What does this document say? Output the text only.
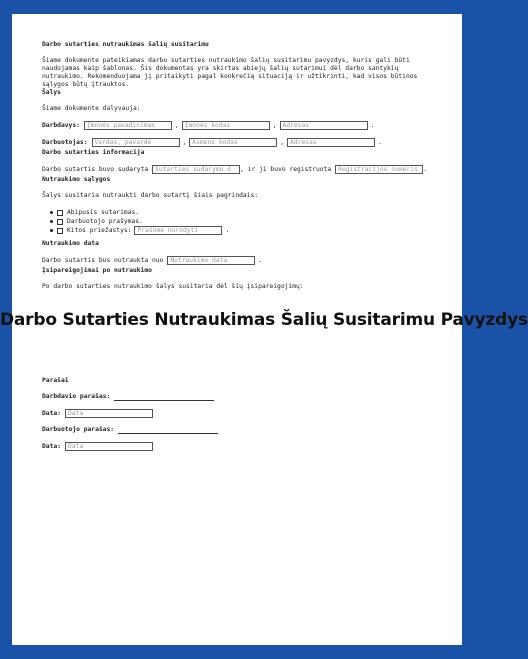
Darbo sutarties nutraukimas šalių susitarimu

Šiame dokumente pateikiamas darbo sutarties nutraukimo šalių susitarimu pavyzdys, kuris gali būti naudojamas kaip šablonas. Šis dokumentas yra skirtas abiejų šalių sutarimui dėl darbo santykių nutraukimo. Rekomenduojama jį pritaikyti pagal konkrečią situaciją ir užtikrinti, kad visos būtinos sąlygos būtų įtrauktos.

Šalys

Šiame dokumente dalyvauja:

Darbdavys:	Įmonės pavadinimas	, Įmonės kodas	, Adresas	.
Darbuotojas:	Vardas, pavardė	, Asmens kodas	, Adresas	.

Darbo sutarties informacija

Darbo sutartis buvo sudaryta	Sutarties sudarymo d	, ir ji buvo registruota	Registracijos numeris .

Nutraukimo sąlygos

Šalys susitaria nutraukti darbo sutartį šiais pagrindais:

Abipusis sutarimas.
Darbuotojo prašymas.
Kitos priežastys: Prašome nurodyti	.

Nutraukimo data

Darbo sutartis bus nutraukta nuo	Nutraukimo data	.

Įsipareigojimai po nutraukimo

Po darbo sutarties nutraukimo šalys susitaria dėl šių įsipareigojimų:

Darbo Sutarties Nutraukimas Šalių Susitarimu Pavyzdys

Parašai

Darbdavio parašas:
Data:	Data
Darbuotojo parašas:
Data:	Data
